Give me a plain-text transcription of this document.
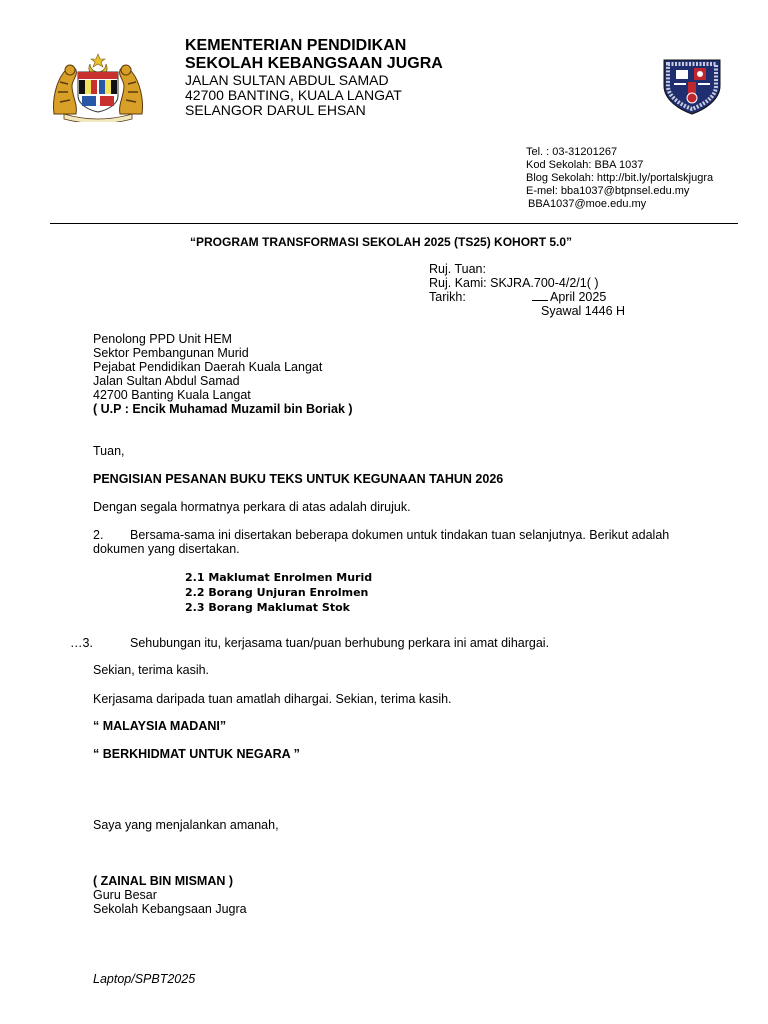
KEMENTERIAN PENDIDIKAN
SEKOLAH KEBANGSAAN JUGRA
JALAN SULTAN ABDUL SAMAD
42700 BANTING, KUALA LANGAT
SELANGOR DARUL EHSAN
Tel. : 03-31201267
Kod Sekolah: BBA 1037
Blog Sekolah: http://bit.ly/portalskjugra
E-mel: bba1037@btpnsel.edu.my
BBA1037@moe.edu.my
“PROGRAM TRANSFORMASI SEKOLAH 2025 (TS25) KOHORT 5.0”
Ruj. Tuan:
Ruj. Kami: SKJRA.700-4/2/1( )
Tarikh:	April 2025
Syawal 1446 H
Penolong PPD Unit HEM
Sektor Pembangunan Murid
Pejabat Pendidikan Daerah Kuala Langat
Jalan Sultan Abdul Samad
42700 Banting Kuala Langat
( U.P : Encik Muhamad Muzamil bin Boriak )
Tuan,
PENGISIAN PESANAN BUKU TEKS UNTUK KEGUNAAN TAHUN 2026
Dengan segala hormatnya perkara di atas adalah dirujuk.
2. Bersama-sama ini disertakan beberapa dokumen untuk tindakan tuan selanjutnya. Berikut adalah
dokumen yang disertakan.
2.1 Maklumat Enrolmen Murid
2.2 Borang Unjuran Enrolmen
2.3 Borang Maklumat Stok
…3.	Sehubungan itu, kerjasama tuan/puan berhubung perkara ini amat dihargai.
Sekian, terima kasih.
Kerjasama daripada tuan amatlah dihargai. Sekian, terima kasih.
“ MALAYSIA MADANI”
“ BERKHIDMAT UNTUK NEGARA ”
Saya yang menjalankan amanah,
( ZAINAL BIN MISMAN )
Guru Besar
Sekolah Kebangsaan Jugra
Laptop/SPBT2025
